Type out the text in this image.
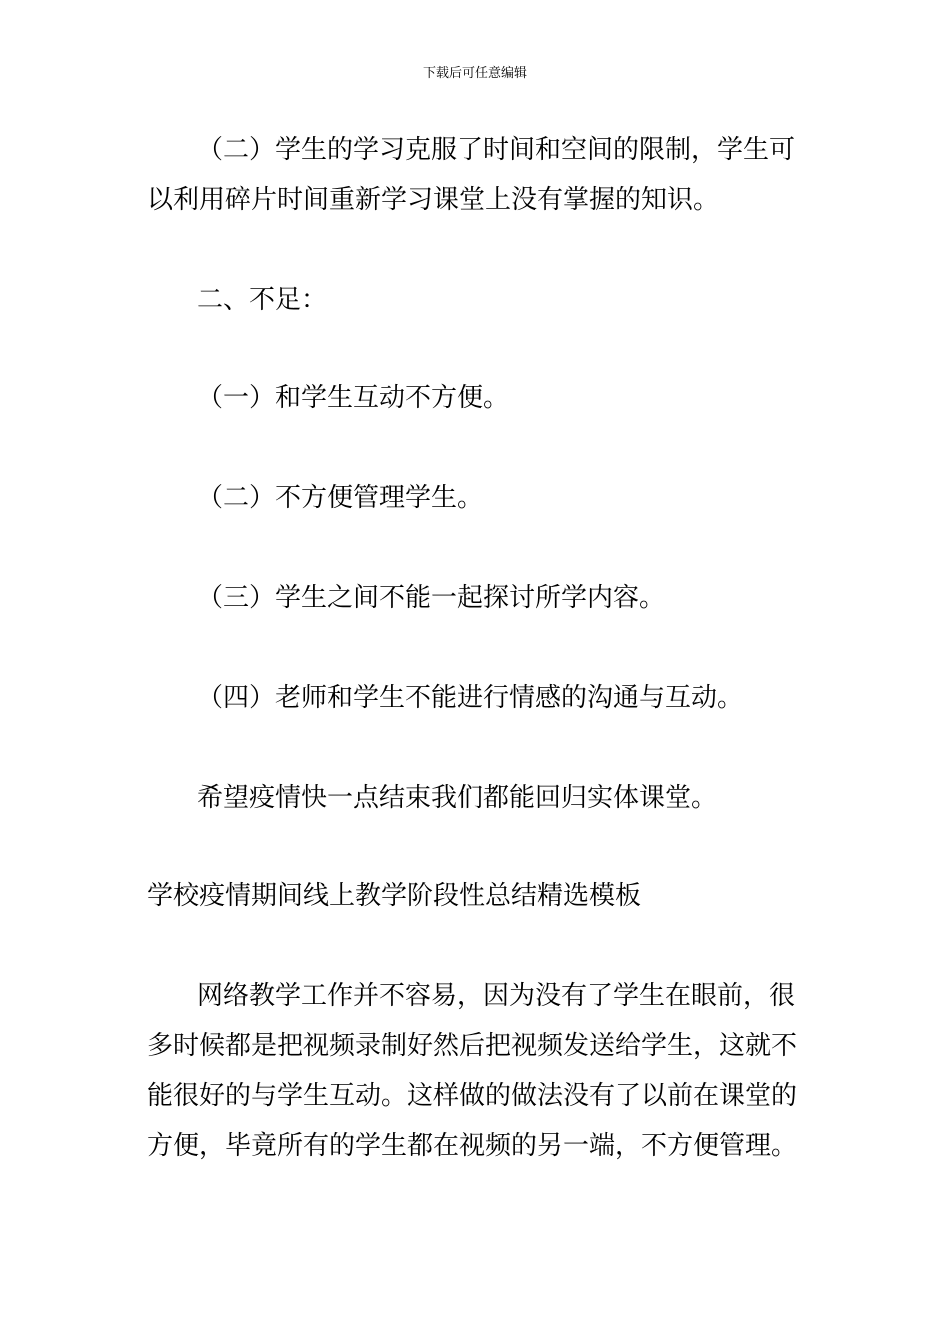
下载后可任意编辑
（二）学生的学习克服了时间和空间的限制，学生可
以利用碎片时间重新学习课堂上没有掌握的知识。
二、不足：
（一）和学生互动不方便。
（二）不方便管理学生。
（三）学生之间不能一起探讨所学内容。
（四）老师和学生不能进行情感的沟通与互动。
希望疫情快一点结束我们都能回归实体课堂。
学校疫情期间线上教学阶段性总结精选模板
网络教学工作并不容易，因为没有了学生在眼前，很
多时候都是把视频录制好然后把视频发送给学生，这就不
能很好的与学生互动。这样做的做法没有了以前在课堂的
方便，毕竟所有的学生都在视频的另一端，不方便管理。
